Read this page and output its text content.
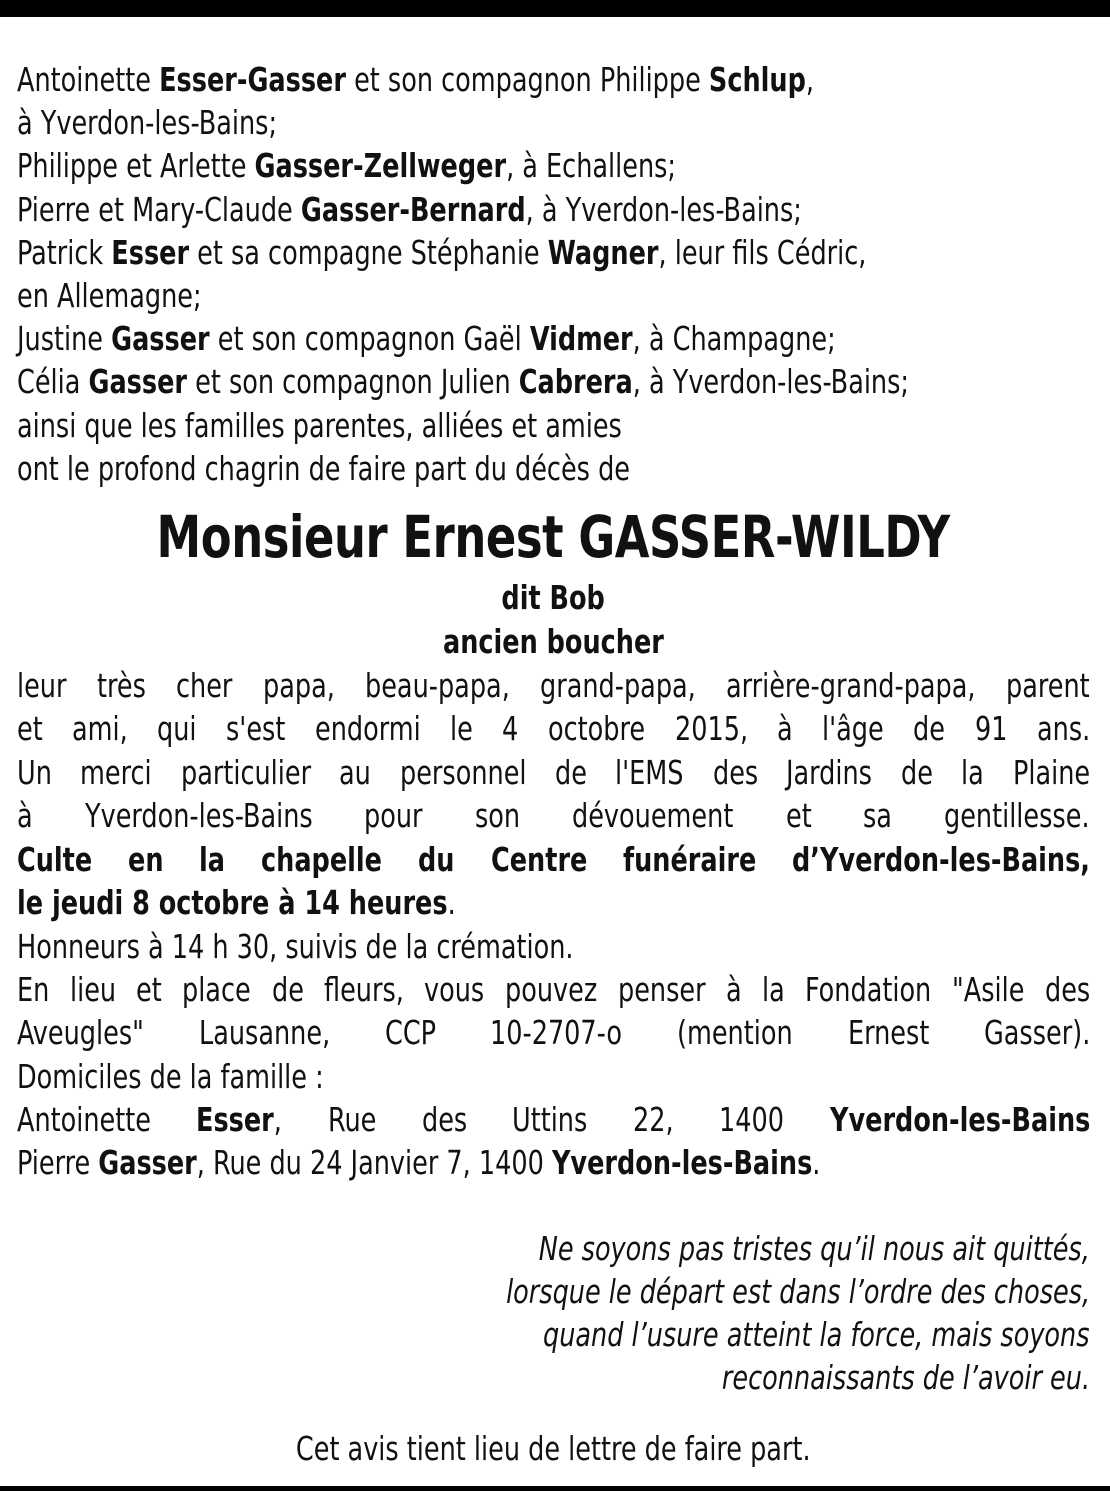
Antoinette Esser-Gasser et son compagnon Philippe Schlup,
à Yverdon-les-Bains;
Philippe et Arlette Gasser-Zellweger, à Echallens;
Pierre et Mary-Claude Gasser-Bernard, à Yverdon-les-Bains;
Patrick Esser et sa compagne Stéphanie Wagner, leur fils Cédric,
en Allemagne;
Justine Gasser et son compagnon Gaël Vidmer, à Champagne;
Célia Gasser et son compagnon Julien Cabrera, à Yverdon-les-Bains;
ainsi que les familles parentes, alliées et amies
ont le profond chagrin de faire part du décès de
Monsieur Ernest GASSER-WILDY
dit Bob
ancien boucher
leur très cher papa, beau-papa, grand-papa, arrière-grand-papa, parent
et ami, qui s'est endormi le 4 octobre 2015, à l'âge de 91 ans.
Un merci particulier au personnel de l'EMS des Jardins de la Plaine
à Yverdon-les-Bains pour son dévouement et sa gentillesse.
Culte en la chapelle du Centre funéraire d’Yverdon-les-Bains,
le jeudi 8 octobre à 14 heures.
Honneurs à 14 h 30, suivis de la crémation.
En lieu et place de fleurs, vous pouvez penser à la Fondation "Asile des
Aveugles" Lausanne, CCP 10-2707-o (mention Ernest Gasser).
Domiciles de la famille :
Antoinette Esser, Rue des Uttins 22, 1400 Yverdon-les-Bains
Pierre Gasser, Rue du 24 Janvier 7, 1400 Yverdon-les-Bains.
Ne soyons pas tristes qu’il nous ait quittés,
lorsque le départ est dans l’ordre des choses,
quand l’usure atteint la force, mais soyons
reconnaissants de l’avoir eu.
Cet avis tient lieu de lettre de faire part.
